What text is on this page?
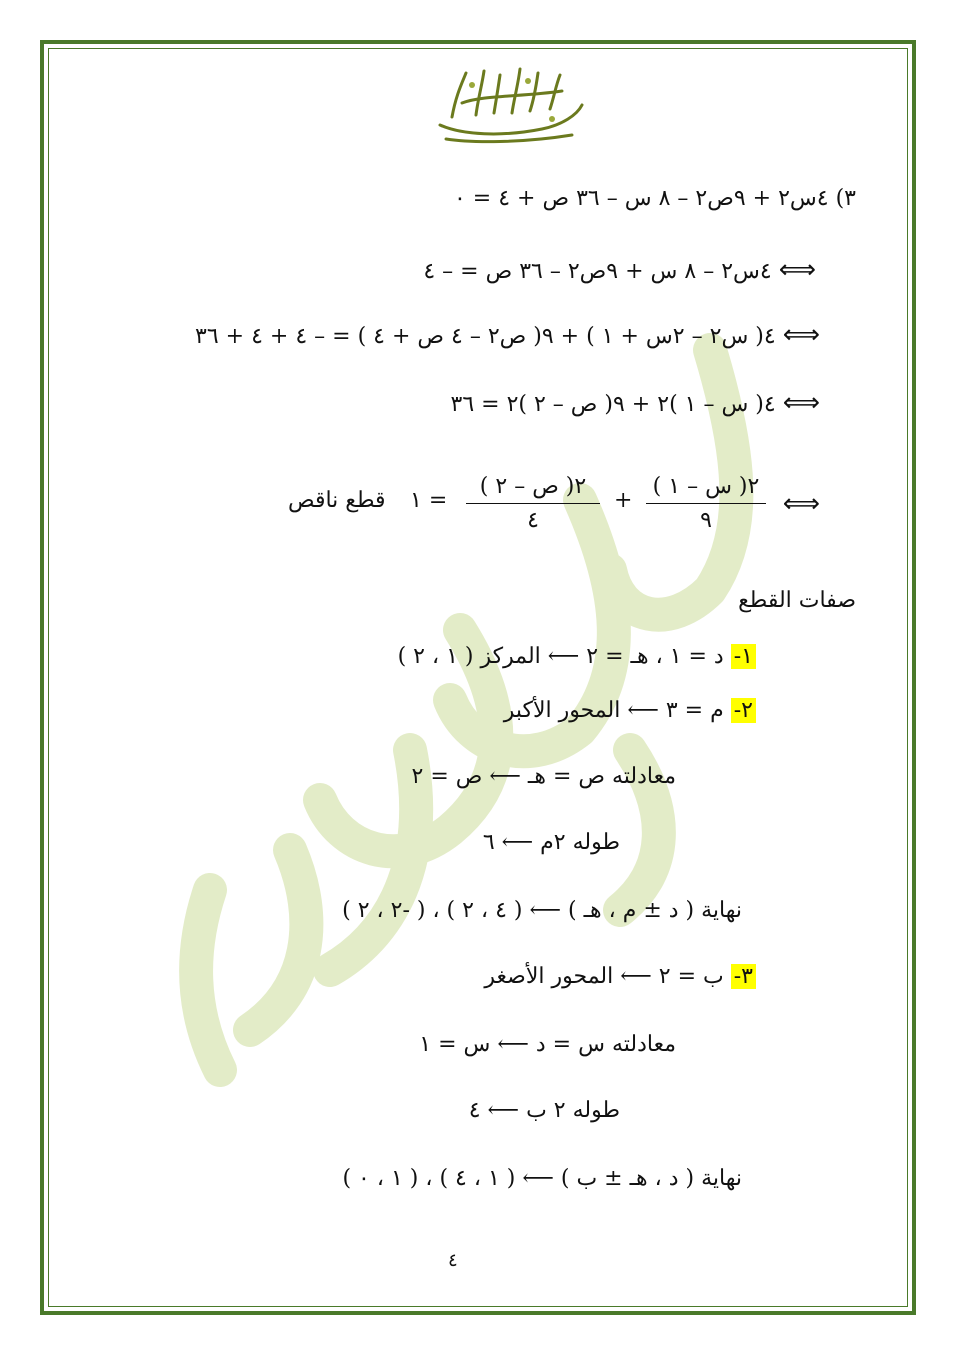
٣) ٤س٢ + ٩ص٢ – ٨ س – ٣٦ ص + ٤ = ٠
⟺ ٤س٢ – ٨ س + ٩ص٢ – ٣٦ ص = – ٤
⟺ ٤( س٢ – ٢س + ١ ) + ٩( ص٢ – ٤ ص + ٤ ) = – ٤ + ٤ + ٣٦
⟺ ٤( س – ١ )٢ + ٩( ص – ٢ )٢ = ٣٦
⟺
( س – ١ )٢
٩
+
( ص – ٢ )٢
٤
= ١
قطع ناقص
صفات القطع
١- د = ١ ، هـ = ٢ ⟵ المركز ( ١ ، ٢ )
٢- م = ٣ ⟵ المحور الأكبر
معادلته ص = هـ ⟵ ص = ٢
طوله ٢م ⟵ ٦
نهاية ( د ± م ، هـ ) ⟵ ( ٤ ، ٢ ) ، ( -٢ ، ٢ )
٣- ب = ٢ ⟵ المحور الأصغر
معادلته س = د ⟵ س = ١
طوله ٢ ب ⟵ ٤
نهاية ( د ، هـ ± ب ) ⟵ ( ١ ، ٤ ) ، ( ١ ، ٠ )
٤
